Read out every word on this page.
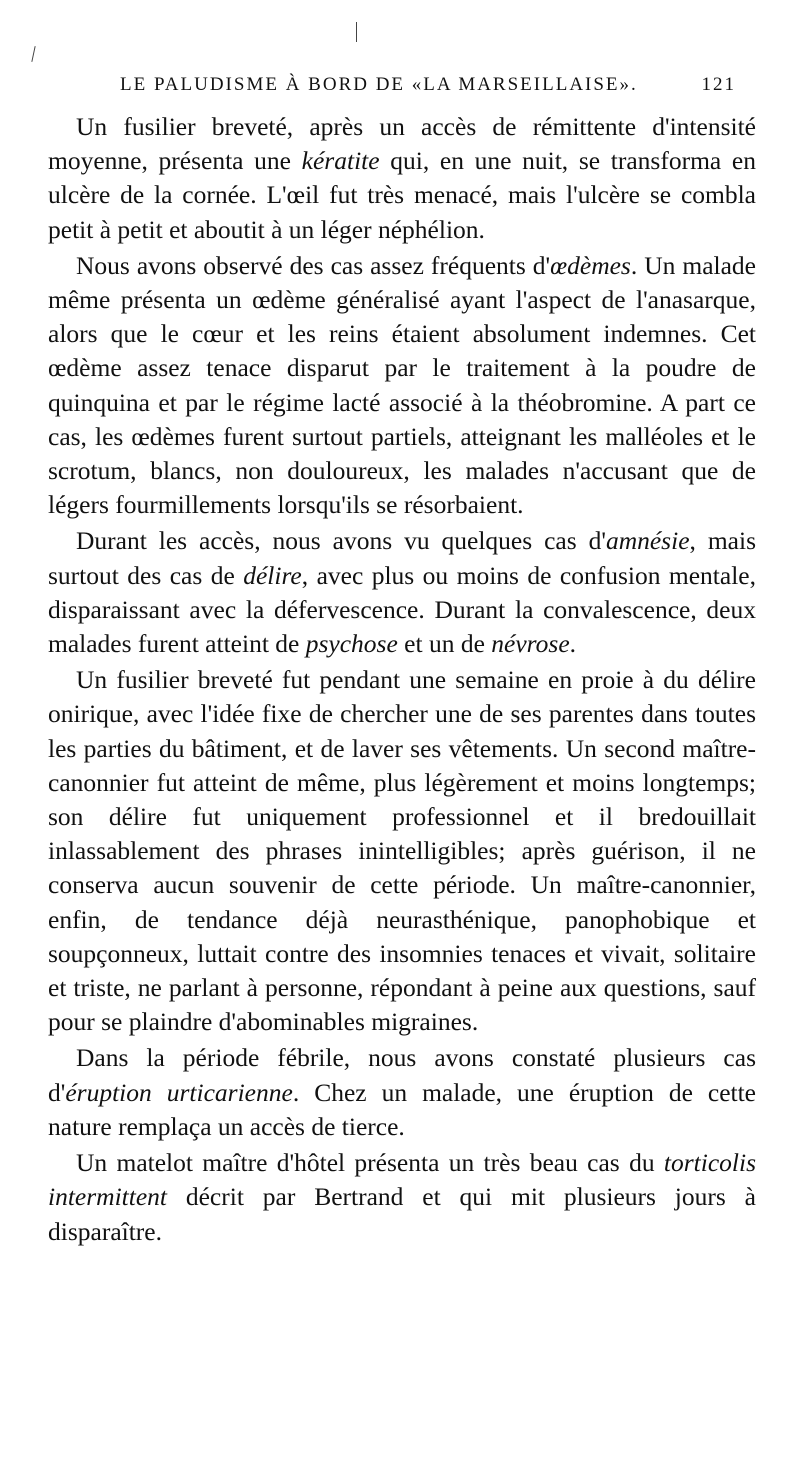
LE PALUDISME À BORD DE «LA MARSEILLAISE».	121

Un fusilier breveté, après un accès de rémittente d'intensité moyenne, présenta une kératite qui, en une nuit, se transforma en ulcère de la cornée. L'œil fut très menacé, mais l'ulcère se combla petit à petit et aboutit à un léger néphélion.

Nous avons observé des cas assez fréquents d'œdèmes. Un malade même présenta un œdème généralisé ayant l'aspect de l'anasarque, alors que le cœur et les reins étaient absolument indemnes. Cet œdème assez tenace disparut par le traitement à la poudre de quinquina et par le régime lacté associé à la théobromine. A part ce cas, les œdèmes furent surtout partiels, atteignant les malléoles et le scrotum, blancs, non douloureux, les malades n'accusant que de légers fourmillements lorsqu'ils se résorbaient.

Durant les accès, nous avons vu quelques cas d'amnésie, mais surtout des cas de délire, avec plus ou moins de confusion mentale, disparaissant avec la défervescence. Durant la convalescence, deux malades furent atteint de psychose et un de névrose.

Un fusilier breveté fut pendant une semaine en proie à du délire onirique, avec l'idée fixe de chercher une de ses parentes dans toutes les parties du bâtiment, et de laver ses vêtements. Un second maître-canonnier fut atteint de même, plus légèrement et moins longtemps; son délire fut uniquement professionnel et il bredouillait inlassablement des phrases inintelligibles; après guérison, il ne conserva aucun souvenir de cette période. Un maître-canonnier, enfin, de tendance déjà neurasthénique, panophobique et soupçonneux, luttait contre des insomnies tenaces et vivait, solitaire et triste, ne parlant à personne, répondant à peine aux questions, sauf pour se plaindre d'abominables migraines.

Dans la période fébrile, nous avons constaté plusieurs cas d'éruption urticarienne. Chez un malade, une éruption de cette nature remplaça un accès de tierce.

Un matelot maître d'hôtel présenta un très beau cas du torticolis intermittent décrit par Bertrand et qui mit plusieurs jours à disparaître.
